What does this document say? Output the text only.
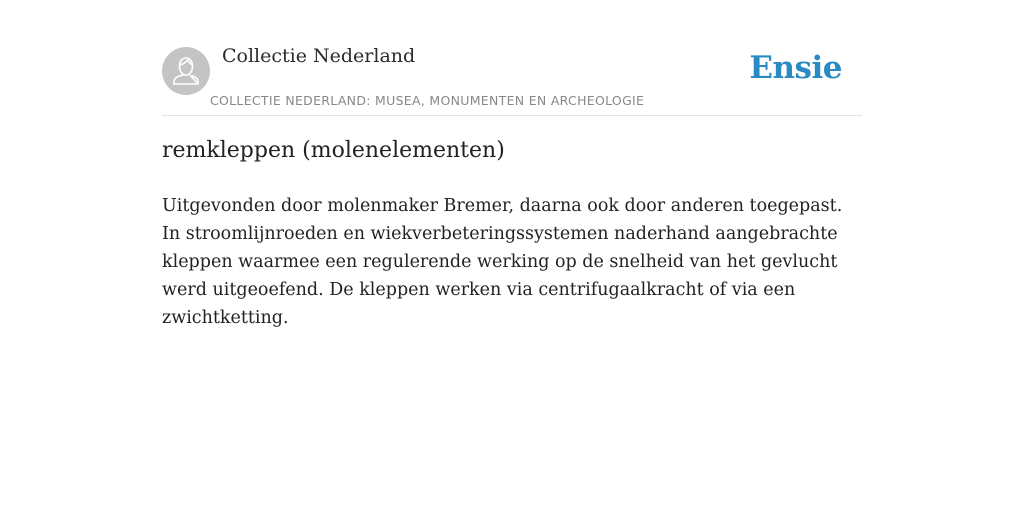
Collectie Nederland

COLLECTIE NEDERLAND: MUSEA, MONUMENTEN EN ARCHEOLOGIE

Ensie
remkleppen (molenelementen)

Uitgevonden door molenmaker Bremer, daarna ook door anderen toegepast. In stroomlijnroeden en wiekverbeteringssystemen naderhand aangebrachte kleppen waarmee een regulerende werking op de snelheid van het gevlucht werd uitgeoefend. De kleppen werken via centrifugaalkracht of via een zwichtketting.
